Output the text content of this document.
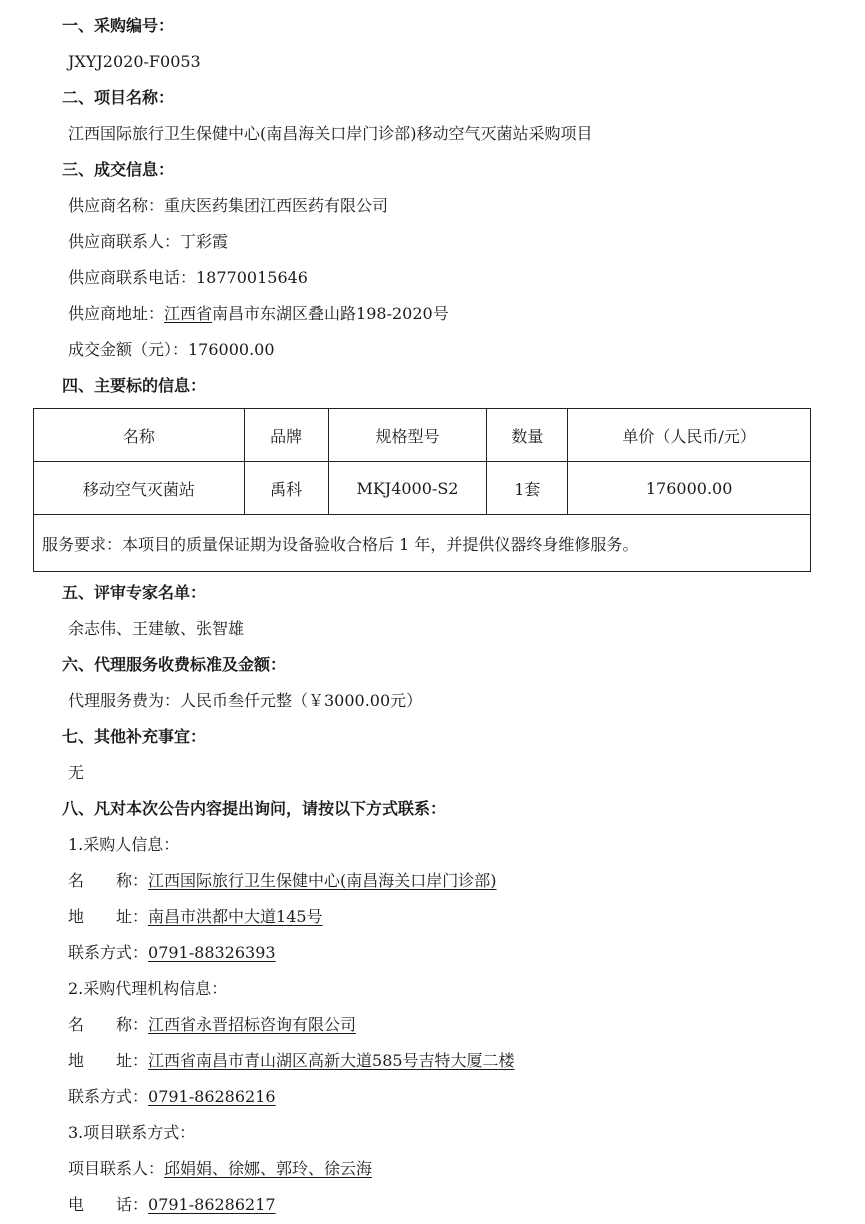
一、采购编号：
JXYJ2020-F0053
二、项目名称：
江西国际旅行卫生保健中心(南昌海关口岸门诊部)移动空气灭菌站采购项目
三、成交信息：
供应商名称：重庆医药集团江西医药有限公司
供应商联系人：丁彩霞
供应商联系电话：18770015646
供应商地址：江西省南昌市东湖区叠山路198-2020号
成交金额（元）：176000.00
四、主要标的信息：
名称	品牌	规格型号	数量	单价（人民币/元）
移动空气灭菌站	禹科	MKJ4000-S2	1套	176000.00
服务要求：本项目的质量保证期为设备验收合格后 1 年，并提供仪器终身维修服务。				
五、评审专家名单：
余志伟、王建敏、张智雄
六、代理服务收费标准及金额：
代理服务费为：人民币叁仟元整（￥3000.00元）
七、其他补充事宜：
无
八、凡对本次公告内容提出询问，请按以下方式联系：
1.采购人信息：
名　　称：江西国际旅行卫生保健中心(南昌海关口岸门诊部)
地　　址：南昌市洪都中大道145号
联系方式：0791-88326393
2.采购代理机构信息：
名　　称：江西省永晋招标咨询有限公司
地　　址：江西省南昌市青山湖区高新大道585号吉特大厦二楼
联系方式：0791-86286216
3.项目联系方式：
项目联系人：邱娟娟、徐娜、郭玲、徐云海
电　　话：0791-86286217
